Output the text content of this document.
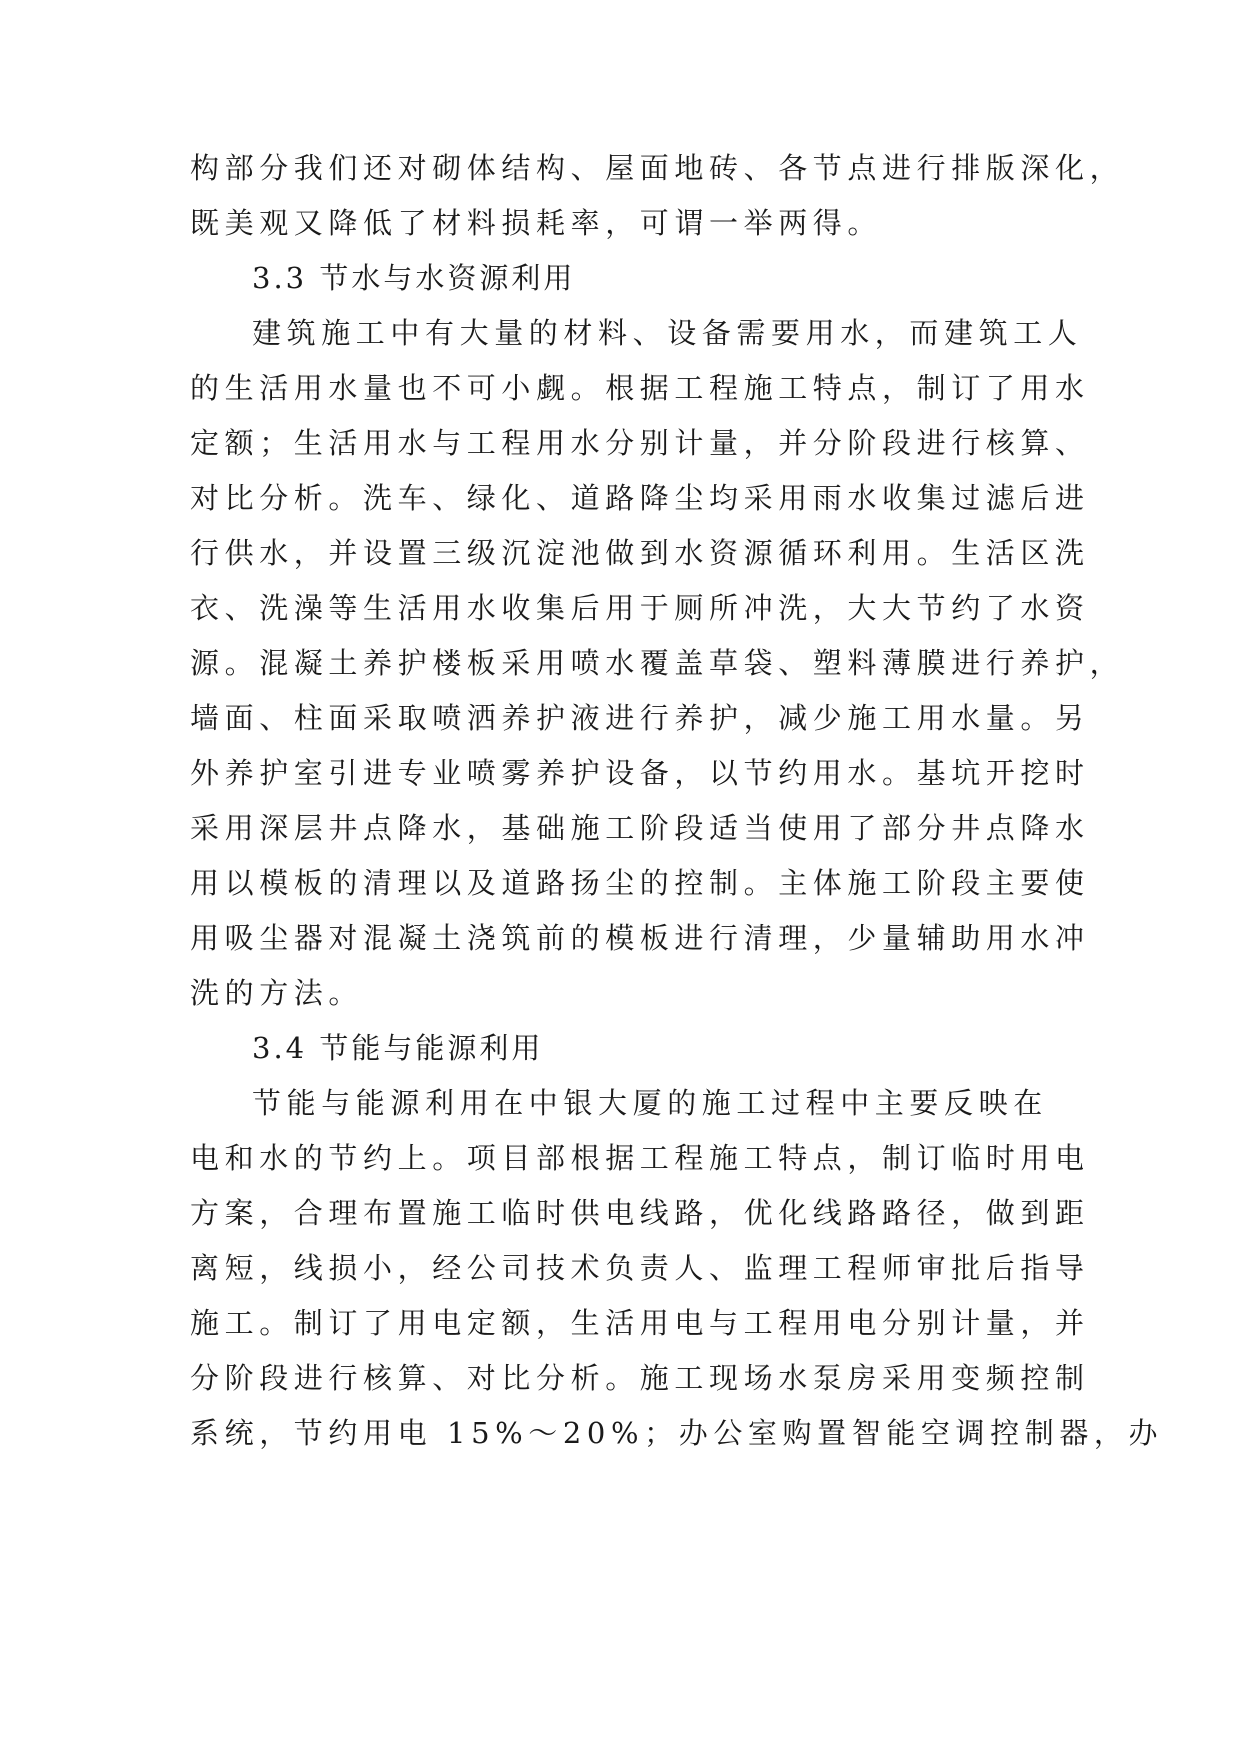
构部分我们还对砌体结构、屋面地砖、各节点进行排版深化，
既美观又降低了材料损耗率，可谓一举两得。
3.3 节水与水资源利用
建筑施工中有大量的材料、设备需要用水，而建筑工人
的生活用水量也不可小觑。根据工程施工特点，制订了用水
定额；生活用水与工程用水分别计量，并分阶段进行核算、
对比分析。洗车、绿化、道路降尘均采用雨水收集过滤后进
行供水，并设置三级沉淀池做到水资源循环利用。生活区洗
衣、洗澡等生活用水收集后用于厕所冲洗，大大节约了水资
源。混凝土养护楼板采用喷水覆盖草袋、塑料薄膜进行养护，
墙面、柱面采取喷洒养护液进行养护，减少施工用水量。另
外养护室引进专业喷雾养护设备，以节约用水。基坑开挖时
采用深层井点降水，基础施工阶段适当使用了部分井点降水
用以模板的清理以及道路扬尘的控制。主体施工阶段主要使
用吸尘器对混凝土浇筑前的模板进行清理，少量辅助用水冲
洗的方法。
3.4 节能与能源利用
节能与能源利用在中银大厦的施工过程中主要反映在
电和水的节约上。项目部根据工程施工特点，制订临时用电
方案，合理布置施工临时供电线路，优化线路路径，做到距
离短，线损小，经公司技术负责人、监理工程师审批后指导
施工。制订了用电定额，生活用电与工程用电分别计量，并
分阶段进行核算、对比分析。施工现场水泵房采用变频控制
系统，节约用电 15%～20%；办公室购置智能空调控制器，办
